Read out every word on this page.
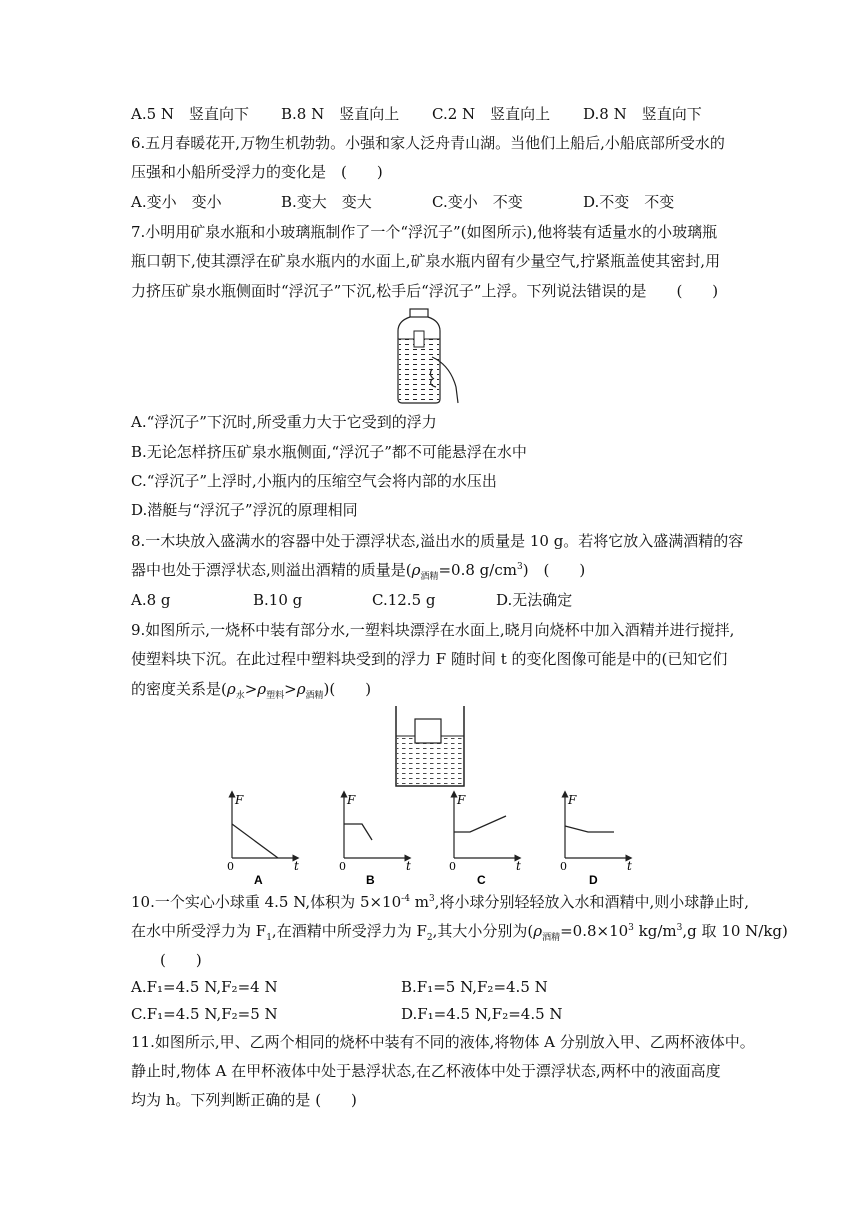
A.5 N　竖直向下 B.8 N　竖直向上 C.2 N　竖直向上 D.8 N　竖直向下
6.五月春暖花开,万物生机勃勃。小强和家人泛舟青山湖。当他们上船后,小船底部所受水的
压强和小船所受浮力的变化是　(　　)
A.变小　变小	B.变大　变大	C.变小　不变	D.不变　不变
7.小明用矿泉水瓶和小玻璃瓶制作了一个“浮沉子”(如图所示),他将装有适量水的小玻璃瓶
瓶口朝下,使其漂浮在矿泉水瓶内的水面上,矿泉水瓶内留有少量空气,拧紧瓶盖使其密封,用
力挤压矿泉水瓶侧面时“浮沉子”下沉,松手后“浮沉子”上浮。下列说法错误的是　　(　　)
A.“浮沉子”下沉时,所受重力大于它受到的浮力
B.无论怎样挤压矿泉水瓶侧面,“浮沉子”都不可能悬浮在水中
C.“浮沉子”上浮时,小瓶内的压缩空气会将内部的水压出
D.潜艇与“浮沉子”浮沉的原理相同
8.一木块放入盛满水的容器中处于漂浮状态,溢出水的质量是 10 g。若将它放入盛满酒精的容
器中也处于漂浮状态,则溢出酒精的质量是($\rho_{酒精}=0.8$ $g/cm^3$)　(　　)
A.8 g	B.10 g	C.12.5 g	D.无法确定
9.如图所示,一烧杯中装有部分水,一塑料块漂浮在水面上,晓月向烧杯中加入酒精并进行搅拌,
使塑料块下沉。在此过程中塑料块受到的浮力 F 随时间 t 的变化图像可能是中的(已知它们
的密度关系是$(\rho_水>\rho_{塑料}>\rho_{酒精})$(　　)
F
0	t
A
F
0	t
B
F
0	t
C
F
0	t
D
10.一个实心小球重 4.5 N,体积为 $5\times 10^{-4}$ $m^3$,将小球分别轻轻放入水和酒精中,则小球静止时,
在水中所受浮力为 $F_1$,在酒精中所受浮力为 $F_2$,其大小分别为($\rho_{酒精}=0.8\times 10^3$ $kg/m^3,g$ 取 10 N/kg)
(　　)
A.F₁=4.5 N,F₂=4 N	B.F₁=5 N,F₂=4.5 N
C.F₁=4.5 N,F₂=5 N	D.F₁=4.5 N,F₂=4.5 N
11.如图所示,甲、乙两个相同的烧杯中装有不同的液体,将物体 A 分别放入甲、乙两杯液体中。
静止时,物体 A 在甲杯液体中处于悬浮状态,在乙杯液体中处于漂浮状态,两杯中的液面高度
均为 h。下列判断正确的是 (　　)
